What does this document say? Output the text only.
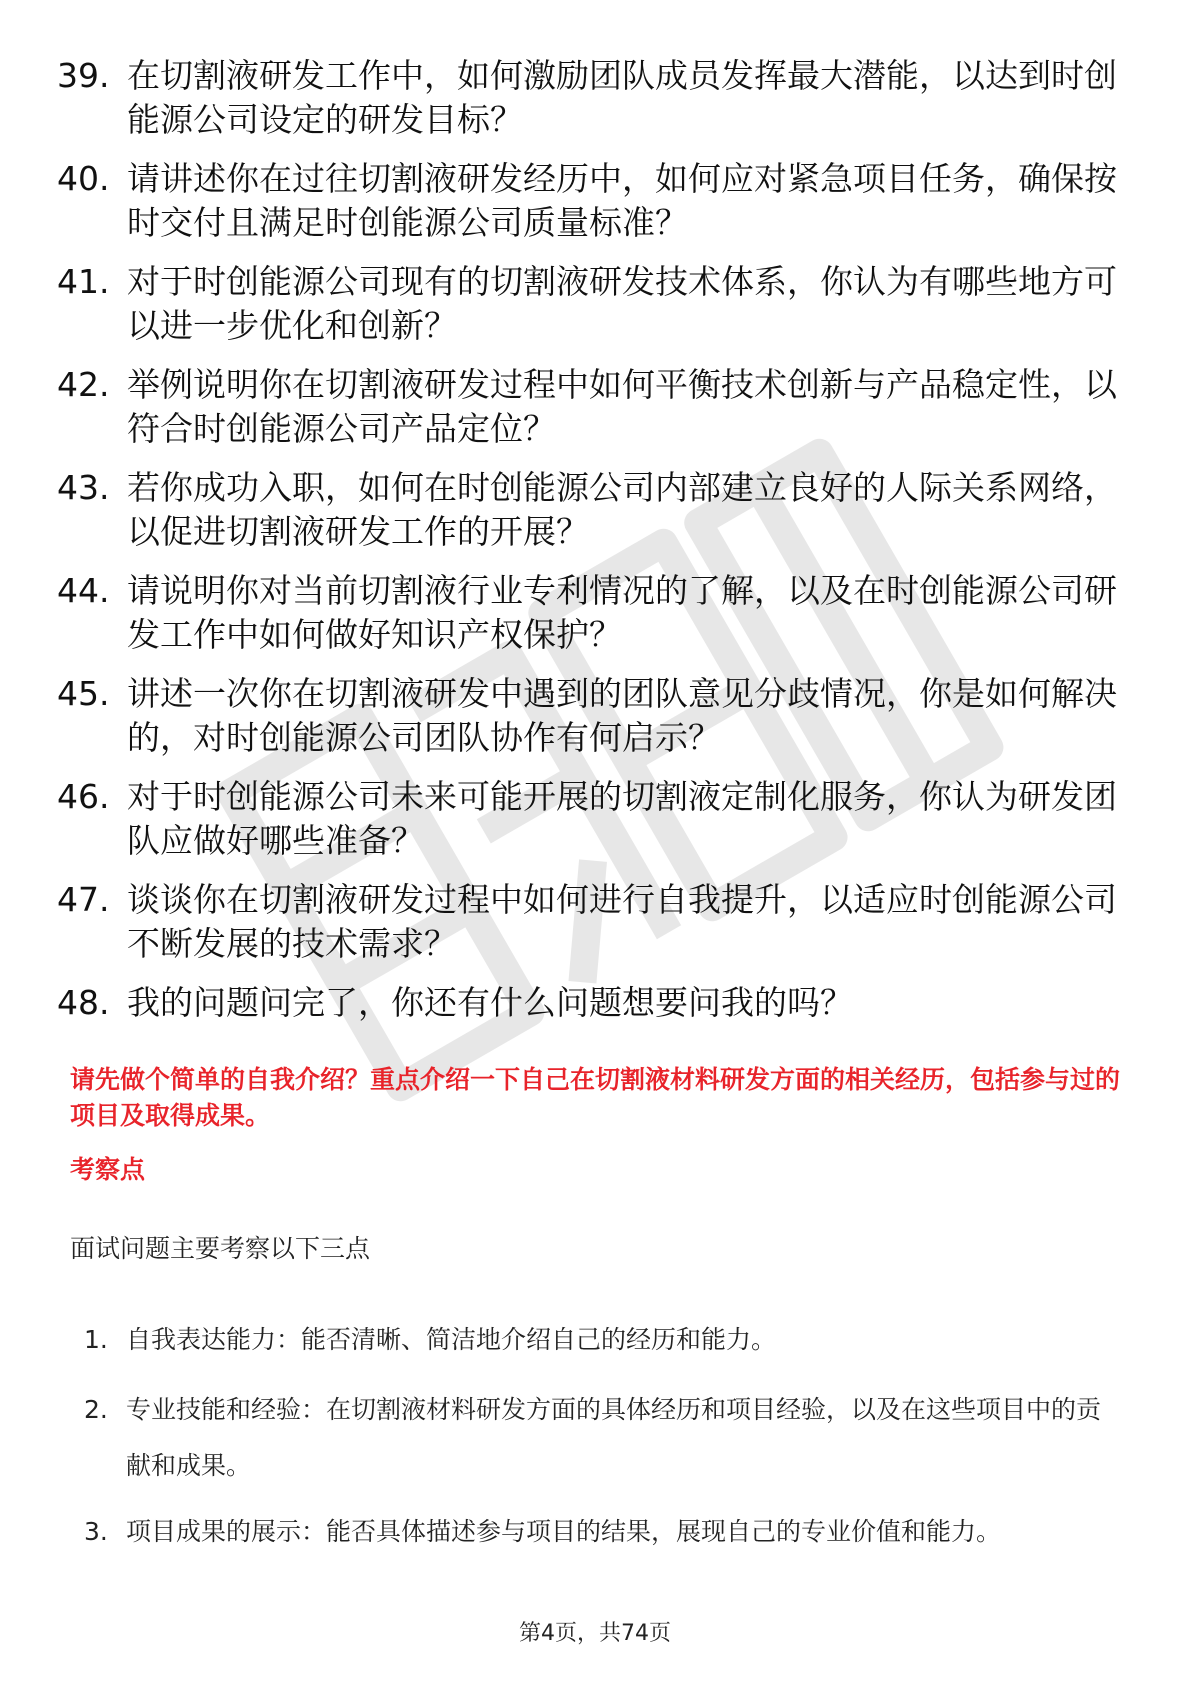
39. 在切割液研发工作中，如何激励团队成员发挥最大潜能，以达到时创能源公司设定的研发目标？
40. 请讲述你在过往切割液研发经历中，如何应对紧急项目任务，确保按时交付且满足时创能源公司质量标准？
41. 对于时创能源公司现有的切割液研发技术体系，你认为有哪些地方可以进一步优化和创新？
42. 举例说明你在切割液研发过程中如何平衡技术创新与产品稳定性，以符合时创能源公司产品定位？
43. 若你成功入职，如何在时创能源公司内部建立良好的人际关系网络，以促进切割液研发工作的开展？
44. 请说明你对当前切割液行业专利情况的了解，以及在时创能源公司研发工作中如何做好知识产权保护？
45. 讲述一次你在切割液研发中遇到的团队意见分歧情况，你是如何解决的，对时创能源公司团队协作有何启示？
46. 对于时创能源公司未来可能开展的切割液定制化服务，你认为研发团队应做好哪些准备？
47. 谈谈你在切割液研发过程中如何进行自我提升，以适应时创能源公司不断发展的技术需求？
48. 我的问题问完了，你还有什么问题想要问我的吗？

请先做个简单的自我介绍？重点介绍一下自己在切割液材料研发方面的相关经历，包括参与过的项目及取得成果。

考察点

面试问题主要考察以下三点

1. 自我表达能力：能否清晰、简洁地介绍自己的经历和能力。
2. 专业技能和经验：在切割液材料研发方面的具体经历和项目经验，以及在这些项目中的贡献和成果。
3. 项目成果的展示：能否具体描述参与项目的结果，展现自己的专业价值和能力。
第4页，共74页
